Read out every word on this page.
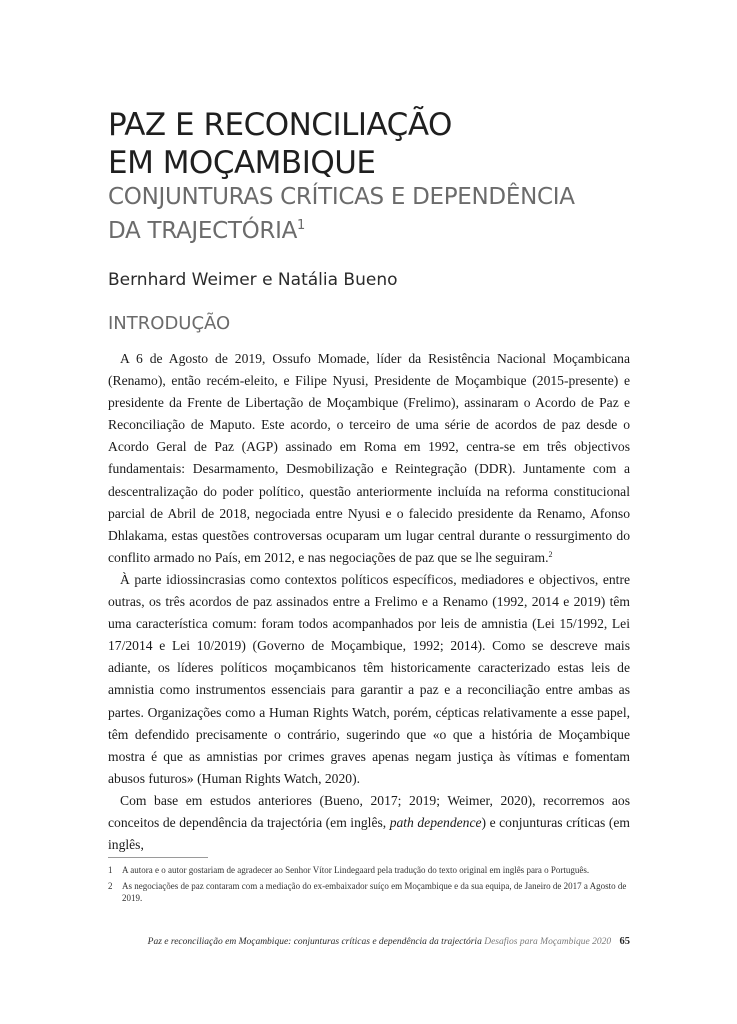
PAZ E RECONCILIAÇÃO
EM MOÇAMBIQUE
CONJUNTURAS CRÍTICAS E DEPENDÊNCIA
DA TRAJECTÓRIA$^1$
Bernhard Weimer e Natália Bueno
INTRODUÇÃO

A 6 de Agosto de 2019, Ossufo Momade, líder da Resistência Nacional Moçambicana (Renamo), então recém-eleito, e Filipe Nyusi, Presidente de Moçambique (2015-presente) e presidente da Frente de Libertação de Moçambique (Frelimo), assinaram o Acordo de Paz e Reconciliação de Maputo. Este acordo, o terceiro de uma série de acordos de paz desde o Acordo Geral de Paz (AGP) assinado em Roma em 1992, centra-se em três objectivos fundamentais: Desarmamento, Desmobilização e Reintegração (DDR). Juntamente com a descentralização do poder político, questão anteriormente incluída na reforma constitucional parcial de Abril de 2018, negociada entre Nyusi e o falecido presidente da Renamo, Afonso Dhlakama, estas questões controversas ocuparam um lugar central durante o ressurgimento do conflito armado no País, em 2012, e nas negociações de paz que se lhe seguiram.$^2$

À parte idiossincrasias como contextos políticos específicos, mediadores e objectivos, entre outras, os três acordos de paz assinados entre a Frelimo e a Renamo (1992, 2014 e 2019) têm uma característica comum: foram todos acompanhados por leis de amnistia (Lei 15/1992, Lei 17/2014 e Lei 10/2019) (Governo de Moçambique, 1992; 2014). Como se descreve mais adiante, os líderes políticos moçambicanos têm historicamente caracterizado estas leis de amnistia como instrumentos essenciais para garantir a paz e a reconciliação entre ambas as partes. Organizações como a Human Rights Watch, porém, cépticas relativamente a esse papel, têm defendido precisamente o contrário, sugerindo que «o que a história de Moçambique mostra é que as amnistias por crimes graves apenas negam justiça às vítimas e fomentam abusos futuros» (Human Rights Watch, 2020).

Com base em estudos anteriores (Bueno, 2017; 2019; Weimer, 2020), recorremos aos conceitos de dependência da trajectória (em inglês, path dependence) e conjunturas críticas (em inglês,

1 A autora e o autor gostariam de agradecer ao Senhor Vítor Lindegaard pela tradução do texto original em inglês para o Português.
2 As negociações de paz contaram com a mediação do ex-embaixador suíço em Moçambique e da sua equipa, de Janeiro de 2017 a Agosto de 2019.
Paz e reconciliação em Moçambique: conjunturas críticas e dependência da trajectória Desafios para Moçambique 2020 65
